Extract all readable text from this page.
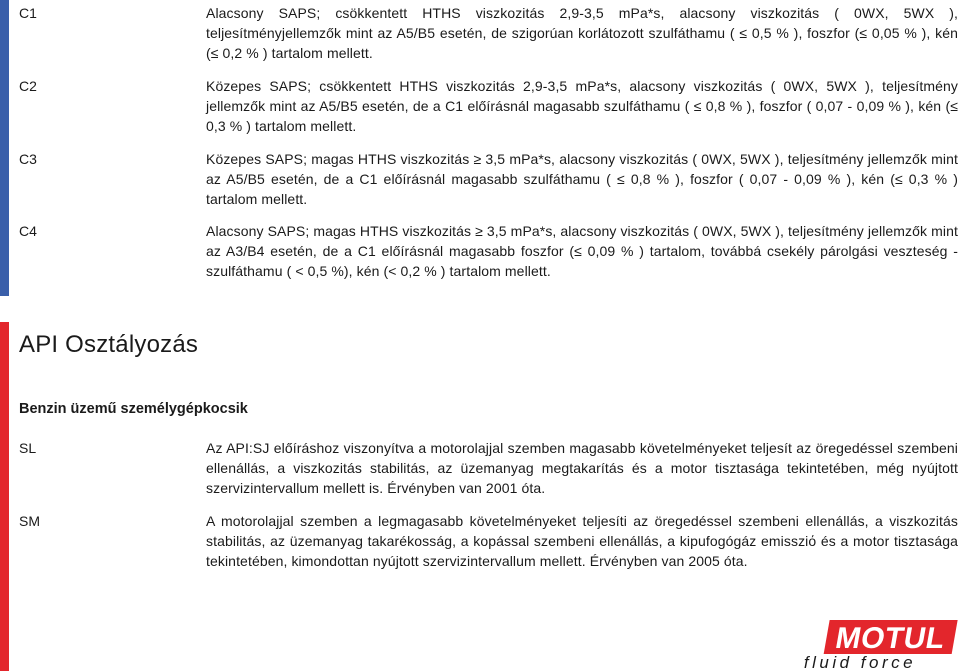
C1	Alacsony SAPS; csökkentett HTHS viszkozitás 2,9-3,5 mPa*s, alacsony viszkozitás ( 0WX, 5WX ), teljesítményjellemzők mint az A5/B5 esetén, de szigorúan korlátozott szulfáthamu ( ≤ 0,5 % ), foszfor (≤ 0,05 % ), kén (≤ 0,2 % ) tartalom mellett.
C2	Közepes SAPS; csökkentett HTHS viszkozitás 2,9-3,5 mPa*s, alacsony viszkozitás ( 0WX, 5WX ), teljesítmény jellemzők mint az A5/B5 esetén, de a C1 előírásnál magasabb szulfáthamu ( ≤ 0,8 % ), foszfor ( 0,07 - 0,09 % ), kén (≤ 0,3 % ) tartalom mellett.
C3	Közepes SAPS; magas HTHS viszkozitás ≥ 3,5 mPa*s, alacsony viszkozitás ( 0WX, 5WX ), teljesítmény jellemzők mint az A5/B5 esetén, de a C1 előírásnál magasabb szulfáthamu ( ≤ 0,8 % ), foszfor ( 0,07 - 0,09 % ), kén (≤ 0,3 % ) tartalom mellett.
C4	Alacsony SAPS; magas HTHS viszkozitás ≥ 3,5 mPa*s, alacsony viszkozitás ( 0WX, 5WX ), teljesítmény jellemzők mint az A3/B4 esetén, de a C1 előírásnál magasabb foszfor (≤ 0,09 % ) tartalom, továbbá csekély párolgási veszteség - szulfáthamu ( < 0,5 %), kén (< 0,2 % ) tartalom mellett.
API Osztályozás
Benzin üzemű személygépkocsik
SL	Az API:SJ előíráshoz viszonyítva a motorolajjal szemben magasabb követelményeket teljesít az öregedéssel szembeni ellenállás, a viszkozitás stabilitás, az üzemanyag megtakarítás és a motor tisztasága tekintetében, még nyújtott szervizintervallum mellett is. Érvényben van 2001 óta.
SM	A motorolajjal szemben a legmagasabb követelményeket teljesíti az öregedéssel szembeni ellenállás, a viszkozitás stabilitás, az üzemanyag takarékosság, a kopással szembeni ellenállás, a kipufogógáz emissziό és a motor tisztasága tekintetében, kimondottan nyújtott szervizintervallum mellett. Érvényben van 2005 óta.
MOTUL
fluid force
